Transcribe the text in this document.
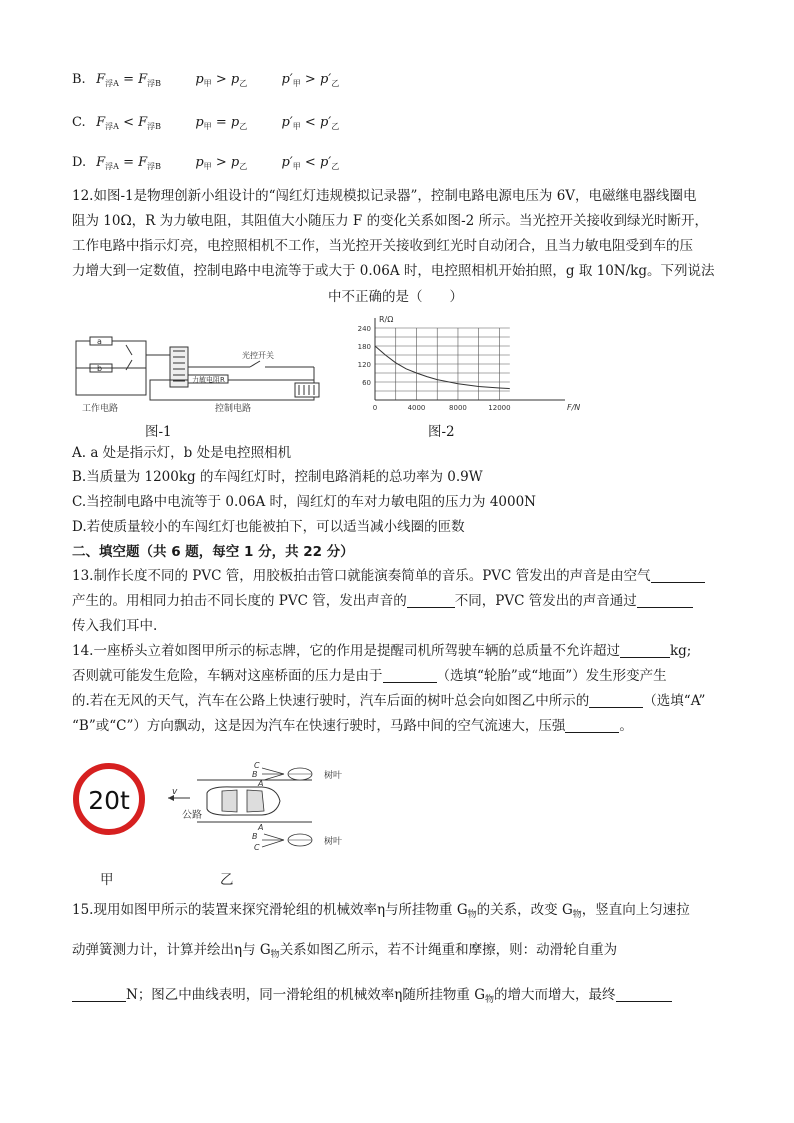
B. $F_{浮A} = F_{浮B}$	$p_甲 > p_乙$	$p'_甲 > p'_乙$
C. $F_{浮A} < F_{浮B}$	$p_甲 = p_乙$	$p'_甲 < p'_乙$
D. $F_{浮A} = F_{浮B}$	$p_甲 > p_乙$	$p'_甲 < p'_乙$
12.如图-1是物理创新小组设计的“闯红灯违规模拟记录器”，控制电路电源电压为 6V，电磁继电器线圈电
阻为 10Ω，R 为力敏电阻，其阻值大小随压力 F 的变化关系如图-2 所示。当光控开关接收到绿光时断开，
工作电路中指示灯亮，电控照相机不工作，当光控开关接收到红光时自动闭合，且当力敏电阻受到车的压
力增大到一定数值，控制电路中电流等于或大于 0.06A 时，电控照相机开始拍照，g 取 10N/kg。下列说法
中不正确的是（　　）
a
b
光控开关
力敏电阻R
工作电路	控制电路
图-1
240
180
120
60
0	4000	8000	12000
R/Ω
F/N
图-2
A. a 处是指示灯，b 处是电控照相机
B.当质量为 1200kg 的车闯红灯时，控制电路消耗的总功率为 0.9W
C.当控制电路中电流等于 0.06A 时，闯红灯的车对力敏电阻的压力为 4000N
D.若使质量较小的车闯红灯也能被拍下，可以适当减小线圈的匝数
二、填空题（共 6 题，每空 1 分，共 22 分）
13.制作长度不同的 PVC 管，用胶板拍击管口就能演奏简单的音乐。PVC 管发出的声音是由空气
产生的。用相同力拍击不同长度的 PVC 管，发出声音的	不同，PVC 管发出的声音通过
传入我们耳中.
14.一座桥头立着如图甲所示的标志牌，它的作用是提醒司机所驾驶车辆的总质量不允许超过	kg;
否则就可能发生危险，车辆对这座桥面的压力是由于	（选填“轮胎”或“地面”）发生形变产生
的.若在无风的天气，汽车在公路上快速行驶时，汽车后面的树叶总会向如图乙中所示的	（选填“A”
“B”或“C”）方向飘动，这是因为汽车在快速行驶时，马路中间的空气流速大，压强	。
20t	v
公路
C
B
A
树叶
A
B
C
树叶
甲	乙
15.现用如图甲所示的装置来探究滑轮组的机械效率η与所挂物重 $G_物$的关系，改变 $G_物$，竖直向上匀速拉
动弹簧测力计，计算并绘出η与 $G_物$关系如图乙所示，若不计绳重和摩擦，则：动滑轮自重为
N；图乙中曲线表明，同一滑轮组的机械效率η随所挂物重 $G_物$的增大而增大，最终
